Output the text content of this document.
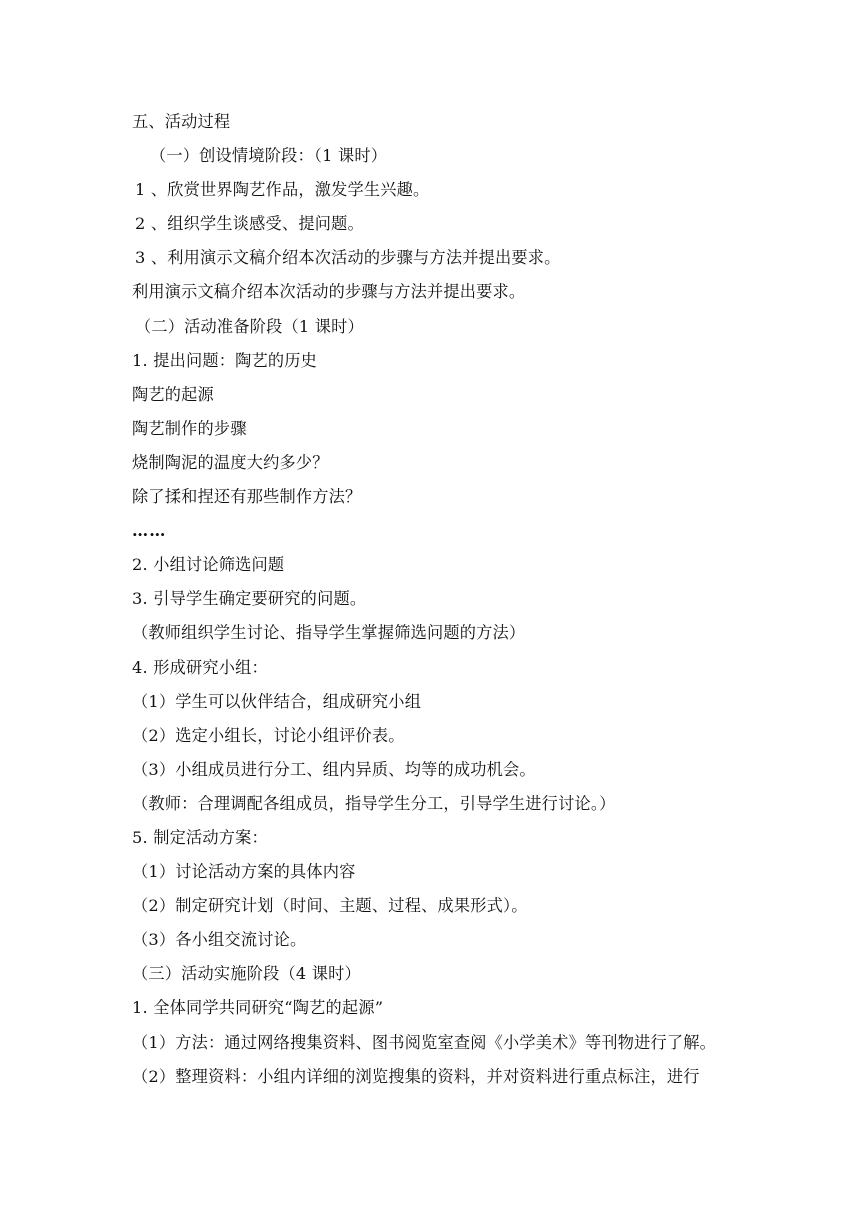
五、活动过程
（一）创设情境阶段：（1 课时）
1 、欣赏世界陶艺作品，激发学生兴趣。
2 、组织学生谈感受、提问题。
3 、利用演示文稿介绍本次活动的步骤与方法并提出要求。
利用演示文稿介绍本次活动的步骤与方法并提出要求。
（二）活动准备阶段（1 课时）
1. 提出问题：陶艺的历史
陶艺的起源
陶艺制作的步骤
烧制陶泥的温度大约多少？
除了揉和捏还有那些制作方法？
……
2. 小组讨论筛选问题
3. 引导学生确定要研究的问题。
（教师组织学生讨论、指导学生掌握筛选问题的方法）
4. 形成研究小组：
（1）学生可以伙伴结合，组成研究小组
（2）选定小组长，讨论小组评价表。
（3）小组成员进行分工、组内异质、均等的成功机会。
（教师：合理调配各组成员，指导学生分工，引导学生进行讨论。）
5. 制定活动方案：
（1）讨论活动方案的具体内容
（2）制定研究计划（时间、主题、过程、成果形式）。
（3）各小组交流讨论。
（三）活动实施阶段（4 课时）
1. 全体同学共同研究“陶艺的起源”
（1）方法：通过网络搜集资料、图书阅览室查阅《小学美术》等刊物进行了解。
（2）整理资料：小组内详细的浏览搜集的资料，并对资料进行重点标注，进行
